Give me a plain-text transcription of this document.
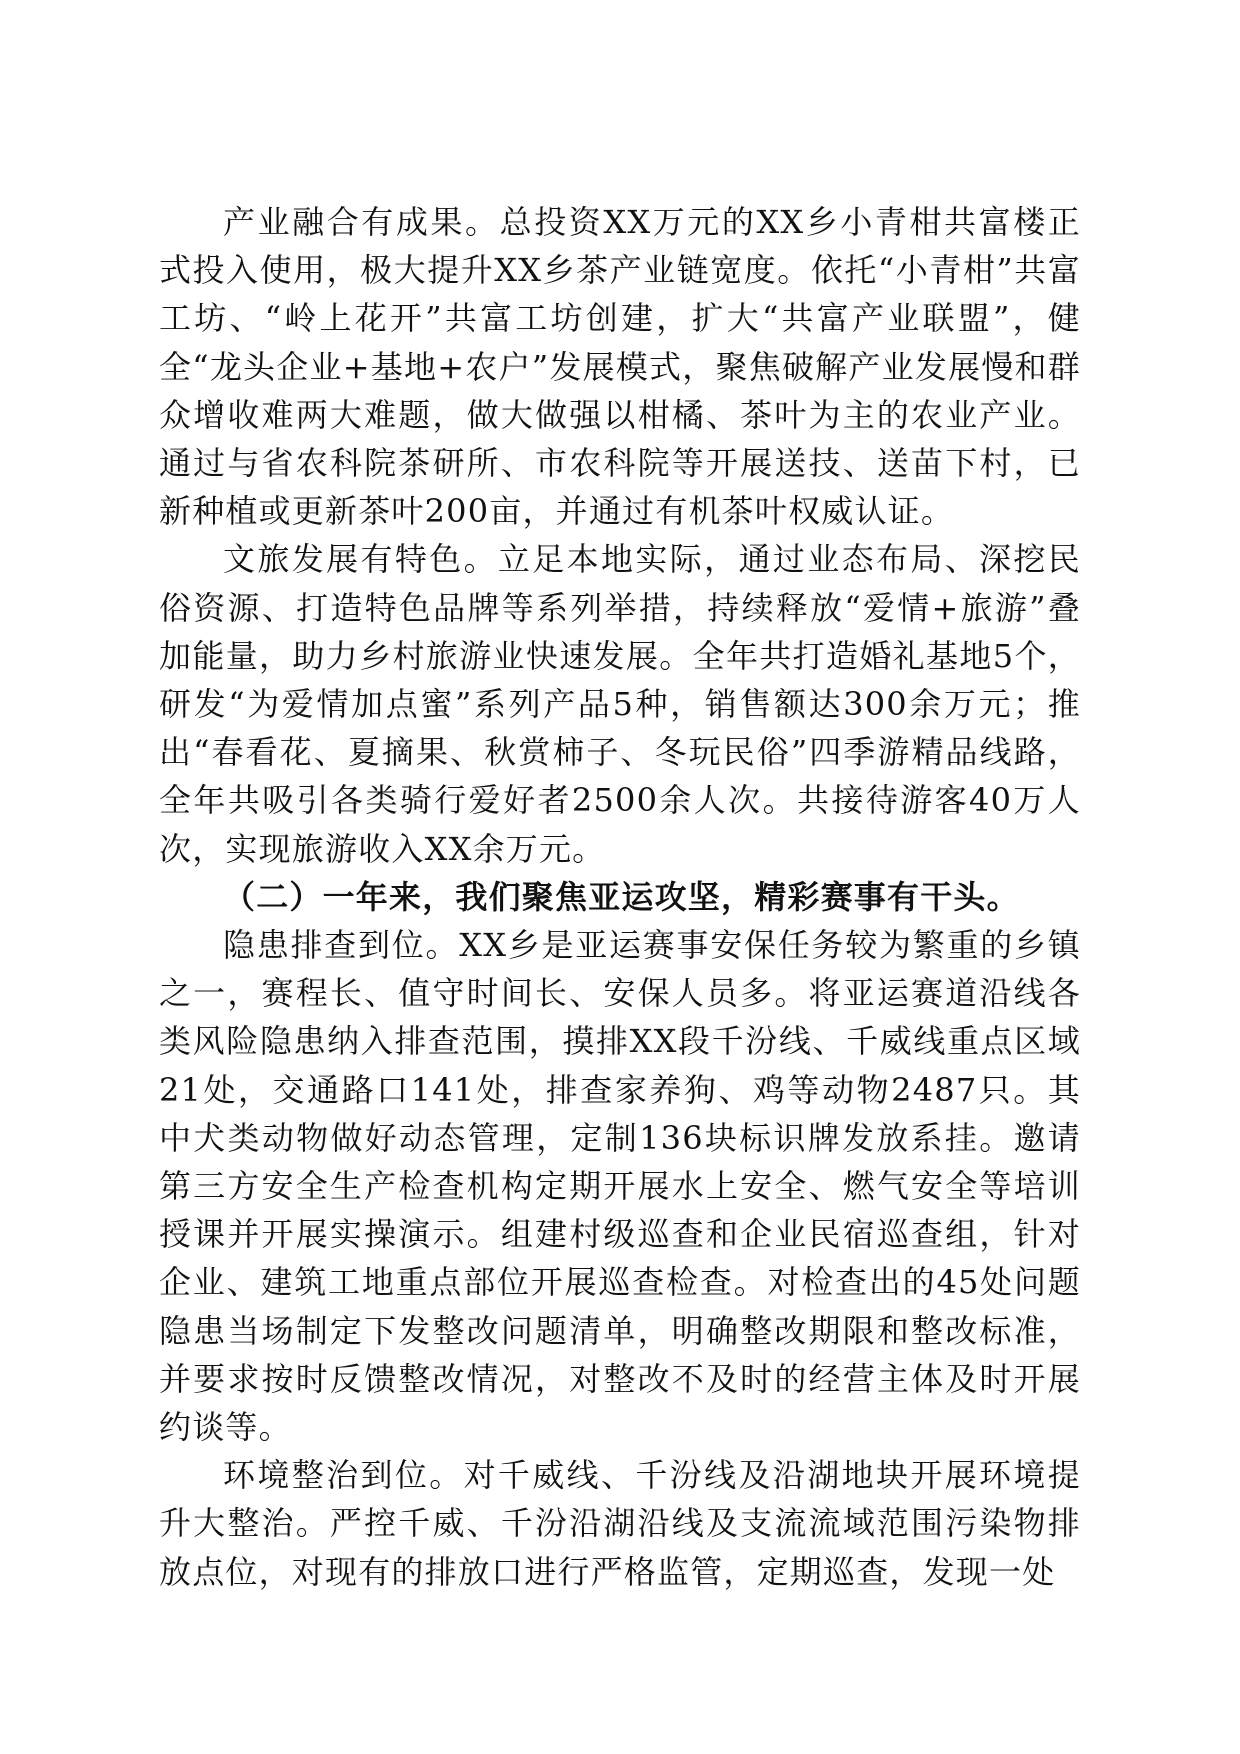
产业融合有成果。总投资XX万元的XX乡小青柑共富楼正式投入使用，极大提升XX乡茶产业链宽度。依托“小青柑”共富工坊、“岭上花开”共富工坊创建，扩大“共富产业联盟”，健全“龙头企业+基地+农户”发展模式，聚焦破解产业发展慢和群众增收难两大难题，做大做强以柑橘、茶叶为主的农业产业。通过与省农科院茶研所、市农科院等开展送技、送苗下村，已新种植或更新茶叶200亩，并通过有机茶叶权威认证。

文旅发展有特色。立足本地实际，通过业态布局、深挖民俗资源、打造特色品牌等系列举措，持续释放“爱情+旅游”叠加能量，助力乡村旅游业快速发展。全年共打造婚礼基地5个，研发“为爱情加点蜜”系列产品5种，销售额达300余万元；推出“春看花、夏摘果、秋赏柿子、冬玩民俗”四季游精品线路，全年共吸引各类骑行爱好者2500余人次。共接待游客40万人次，实现旅游收入XX余万元。

（二）一年来，我们聚焦亚运攻坚，精彩赛事有干头。

隐患排查到位。XX乡是亚运赛事安保任务较为繁重的乡镇之一，赛程长、值守时间长、安保人员多。将亚运赛道沿线各类风险隐患纳入排查范围，摸排XX段千汾线、千威线重点区域21处，交通路口141处，排查家养狗、鸡等动物2487只。其中犬类动物做好动态管理，定制136块标识牌发放系挂。邀请第三方安全生产检查机构定期开展水上安全、燃气安全等培训授课并开展实操演示。组建村级巡查和企业民宿巡查组，针对企业、建筑工地重点部位开展巡查检查。对检查出的45处问题隐患当场制定下发整改问题清单，明确整改期限和整改标准，并要求按时反馈整改情况，对整改不及时的经营主体及时开展约谈等。

环境整治到位。对千威线、千汾线及沿湖地块开展环境提升大整治。严控千威、千汾沿湖沿线及支流流域范围污染物排放点位，对现有的排放口进行严格监管，定期巡查，发现一处
